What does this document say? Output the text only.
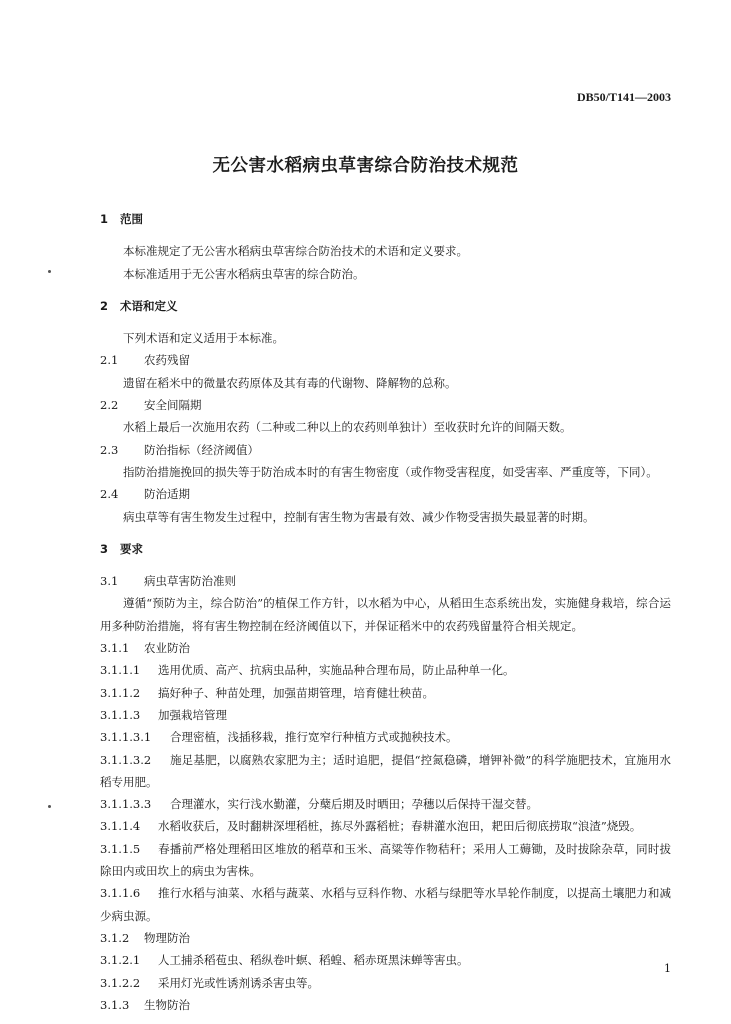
DB50/T141—2003
无公害水稻病虫草害综合防治技术规范
1 范围
本标准规定了无公害水稻病虫草害综合防治技术的术语和定义要求。
本标准适用于无公害水稻病虫草害的综合防治。
2 术语和定义
下列术语和定义适用于本标准。
2.1 农药残留
遗留在稻米中的微量农药原体及其有毒的代谢物、降解物的总称。
2.2 安全间隔期
水稻上最后一次施用农药（二种或二种以上的农药则单独计）至收获时允许的间隔天数。
2.3 防治指标（经济阈值）
指防治措施挽回的损失等于防治成本时的有害生物密度（或作物受害程度，如受害率、严重度等，下同）。
2.4 防治适期
病虫草等有害生物发生过程中，控制有害生物为害最有效、减少作物受害损失最显著的时期。
3 要求
3.1 病虫草害防治准则
遵循“预防为主，综合防治”的植保工作方针，以水稻为中心，从稻田生态系统出发，实施健身栽培，综合运用多种防治措施，将有害生物控制在经济阈值以下，并保证稻米中的农药残留量符合相关规定。
3.1.1 农业防治
3.1.1.1 选用优质、高产、抗病虫品种，实施品种合理布局，防止品种单一化。
3.1.1.2 搞好种子、种苗处理，加强苗期管理，培育健壮秧苗。
3.1.1.3 加强栽培管理
3.1.1.3.1 合理密植，浅插移栽，推行宽窄行种植方式或抛秧技术。
3.1.1.3.2 施足基肥，以腐熟农家肥为主；适时追肥，提倡“控氮稳磷，增钾补微”的科学施肥技术，宜施用水稻专用肥。
3.1.1.3.3 合理灌水，实行浅水勤灌，分蘖后期及时晒田；孕穗以后保持干湿交替。
3.1.1.4 水稻收获后，及时翻耕深埋稻桩，拣尽外露稻桩；春耕灌水泡田，耙田后彻底捞取“浪渣”烧毁。
3.1.1.5 春播前严格处理稻田区堆放的稻草和玉米、高粱等作物秸秆；采用人工薅锄，及时拔除杂草，同时拔除田内或田坎上的病虫为害株。
3.1.1.6 推行水稻与油菜、水稻与蔬菜、水稻与豆科作物、水稻与绿肥等水旱轮作制度，以提高土壤肥力和减少病虫源。
3.1.2 物理防治
3.1.2.1 人工捕杀稻苞虫、稻纵卷叶螟、稻蝗、稻赤斑黑沫蝉等害虫。
3.1.2.2 采用灯光或性诱剂诱杀害虫等。
3.1.3 生物防治
1
